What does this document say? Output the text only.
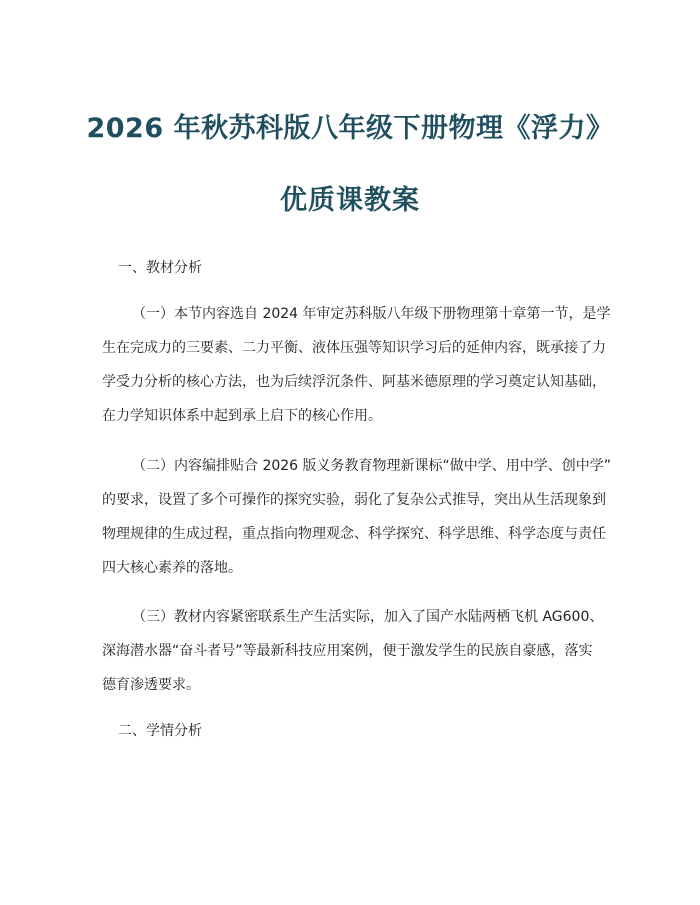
2026 年秋苏科版八年级下册物理《浮力》
优质课教案
一、教材分析
（一）本节内容选自 2024 年审定苏科版八年级下册物理第十章第一节，是学
生在完成力的三要素、二力平衡、液体压强等知识学习后的延伸内容，既承接了力
学受力分析的核心方法，也为后续浮沉条件、阿基米德原理的学习奠定认知基础，
在力学知识体系中起到承上启下的核心作用。
（二）内容编排贴合 2026 版义务教育物理新课标“做中学、用中学、创中学”
的要求，设置了多个可操作的探究实验，弱化了复杂公式推导，突出从生活现象到
物理规律的生成过程，重点指向物理观念、科学探究、科学思维、科学态度与责任
四大核心素养的落地。
（三）教材内容紧密联系生产生活实际，加入了国产水陆两栖飞机 AG600、
深海潜水器“奋斗者号”等最新科技应用案例，便于激发学生的民族自豪感，落实
德育渗透要求。
二、学情分析
